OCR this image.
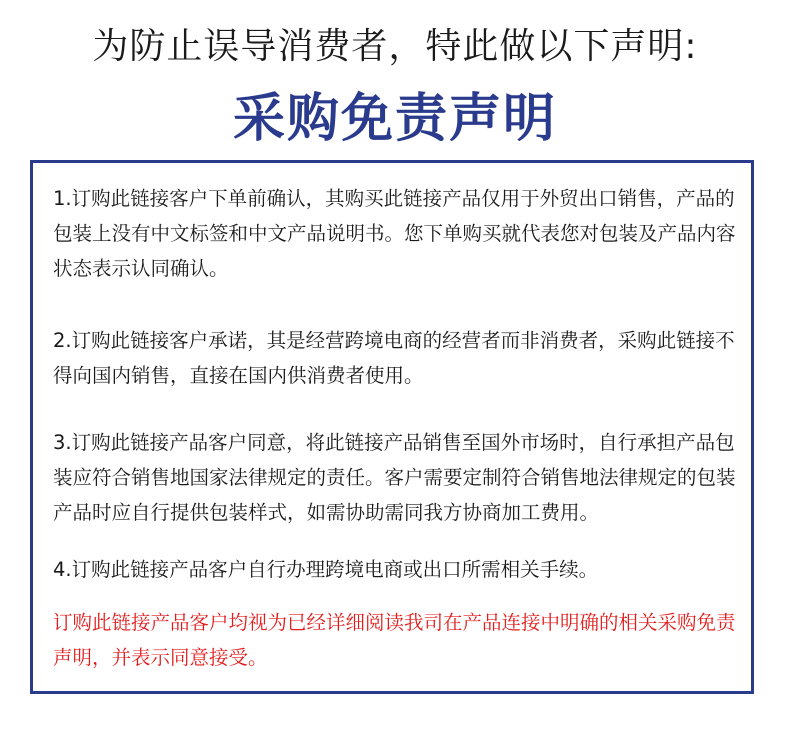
为防止误导消费者，特此做以下声明:
采购免责声明

1.订购此链接客户下单前确认，其购买此链接产品仅用于外贸出口销售，产品的包装上没有中文标签和中文产品说明书。您下单购买就代表您对包装及产品内容状态表示认同确认。

2.订购此链接客户承诺，其是经营跨境电商的经营者而非消费者，采购此链接不得向国内销售，直接在国内供消费者使用。

3.订购此链接产品客户同意，将此链接产品销售至国外市场时，自行承担产品包装应符合销售地国家法律规定的责任。客户需要定制符合销售地法律规定的包装产品时应自行提供包装样式，如需协助需同我方协商加工费用。

4.订购此链接产品客户自行办理跨境电商或出口所需相关手续。

订购此链接产品客户均视为已经详细阅读我司在产品连接中明确的相关采购免责声明，并表示同意接受。
